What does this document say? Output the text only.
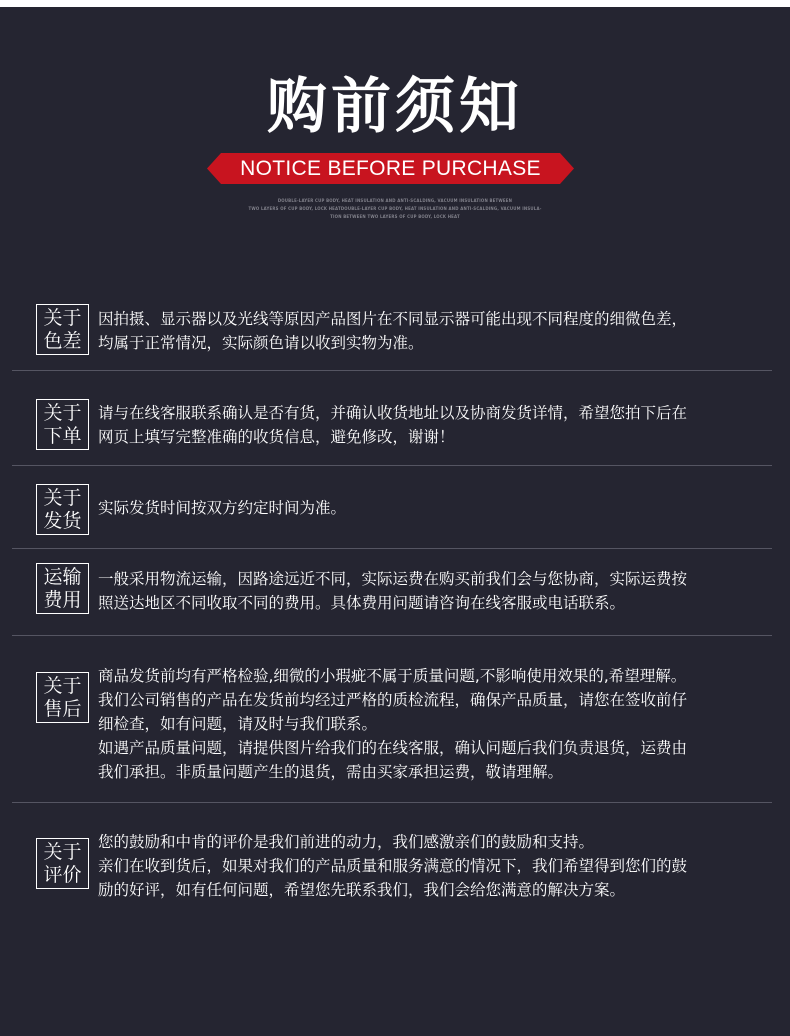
购前须知
NOTICE BEFORE PURCHASE
DOUBLE-LAYER CUP BODY, HEAT INSULATION AND ANTI-SCALDING, VACUUM INSULATION BETWEEN
TWO LAYERS OF CUP BODY, LOCK HEATDOUBLE-LAYER CUP BODY, HEAT INSULATION AND ANTI-SCALDING, VACUUM INSULA-
TION BETWEEN TWO LAYERS OF CUP BODY, LOCK HEAT
关于
色差

因拍摄、显示器以及光线等原因产品图片在不同显示器可能出现不同程度的细微色差，

均属于正常情况，实际颜色请以收到实物为准。

关于
下单

请与在线客服联系确认是否有货，并确认收货地址以及协商发货详情，希望您拍下后在

网页上填写完整准确的收货信息，避免修改，谢谢！

关于
发货

实际发货时间按双方约定时间为准。

运输
费用

一般采用物流运输，因路途远近不同，实际运费在购买前我们会与您协商，实际运费按

照送达地区不同收取不同的费用。具体费用问题请咨询在线客服或电话联系。

关于
售后

商品发货前均有严格检验,细微的小瑕疵不属于质量问题,不影响使用效果的,希望理解。

我们公司销售的产品在发货前均经过严格的质检流程，确保产品质量，请您在签收前仔

细检查，如有问题，请及时与我们联系。

如遇产品质量问题，请提供图片给我们的在线客服，确认问题后我们负责退货，运费由

我们承担。非质量问题产生的退货，需由买家承担运费，敬请理解。

关于
评价

您的鼓励和中肯的评价是我们前进的动力，我们感激亲们的鼓励和支持。

亲们在收到货后，如果对我们的产品质量和服务满意的情况下，我们希望得到您们的鼓

励的好评，如有任何问题，希望您先联系我们，我们会给您满意的解决方案。
